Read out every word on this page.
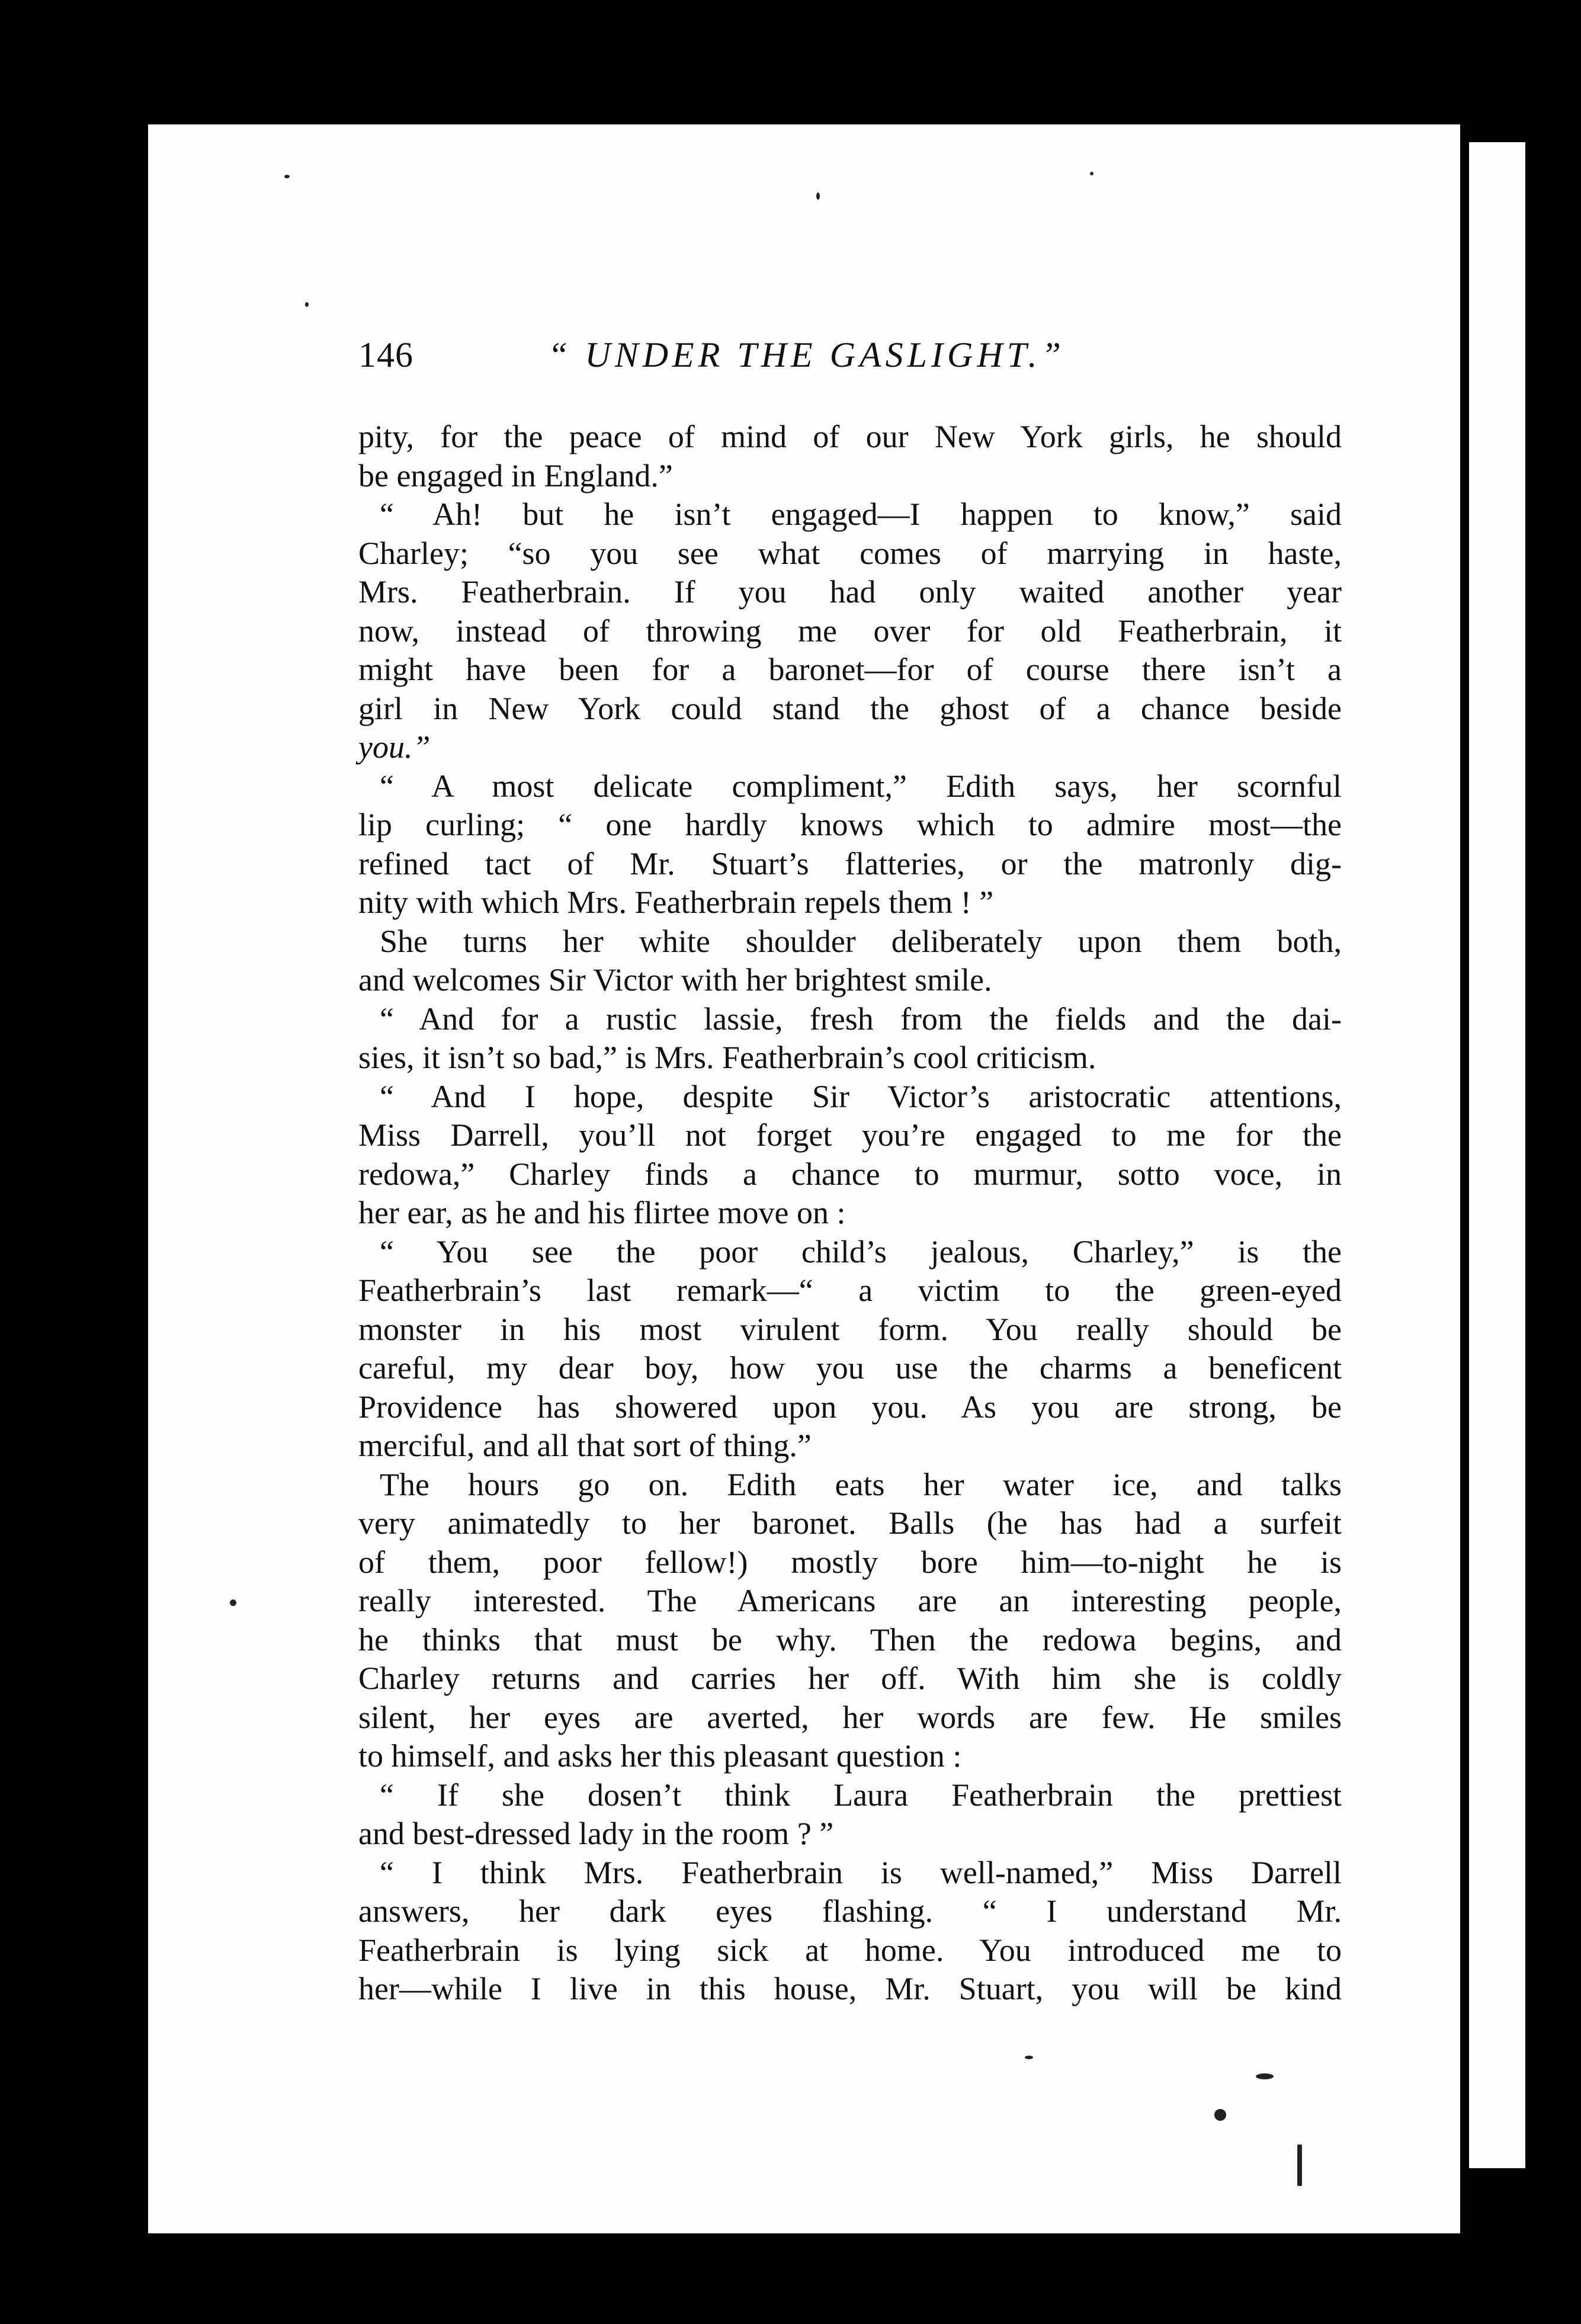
146	“ UNDER THE GASLIGHT.”
pity, for the peace of mind of our New York girls, he should
be engaged in England.”
“ Ah! but he isn’t engaged—I happen to know,” said
Charley; “so you see what comes of marrying in haste,
Mrs. Featherbrain. If you had only waited another year
now, instead of throwing me over for old Featherbrain, it
might have been for a baronet—for of course there isn’t a
girl in New York could stand the ghost of a chance beside
you.”
“ A most delicate compliment,” Edith says, her scornful
lip curling; “ one hardly knows which to admire most—the
refined tact of Mr. Stuart’s flatteries, or the matronly dig-
nity with which Mrs. Featherbrain repels them ! ”
She turns her white shoulder deliberately upon them both,
and welcomes Sir Victor with her brightest smile.
“ And for a rustic lassie, fresh from the fields and the dai-
sies, it isn’t so bad,” is Mrs. Featherbrain’s cool criticism.
“ And I hope, despite Sir Victor’s aristocratic attentions,
Miss Darrell, you’ll not forget you’re engaged to me for the
redowa,” Charley finds a chance to murmur, sotto voce, in
her ear, as he and his flirtee move on :
“ You see the poor child’s jealous, Charley,” is the
Featherbrain’s last remark—“ a victim to the green-eyed
monster in his most virulent form. You really should be
careful, my dear boy, how you use the charms a beneficent
Providence has showered upon you. As you are strong, be
merciful, and all that sort of thing.”
The hours go on. Edith eats her water ice, and talks
very animatedly to her baronet. Balls (he has had a surfeit
of them, poor fellow!) mostly bore him—to-night he is
really interested. The Americans are an interesting people,
he thinks that must be why. Then the redowa begins, and
Charley returns and carries her off. With him she is coldly
silent, her eyes are averted, her words are few. He smiles
to himself, and asks her this pleasant question :
“ If she dosen’t think Laura Featherbrain the prettiest
and best-dressed lady in the room ? ”
“ I think Mrs. Featherbrain is well-named,” Miss Darrell
answers, her dark eyes flashing. “ I understand Mr.
Featherbrain is lying sick at home. You introduced me to
her—while I live in this house, Mr. Stuart, you will be kind
